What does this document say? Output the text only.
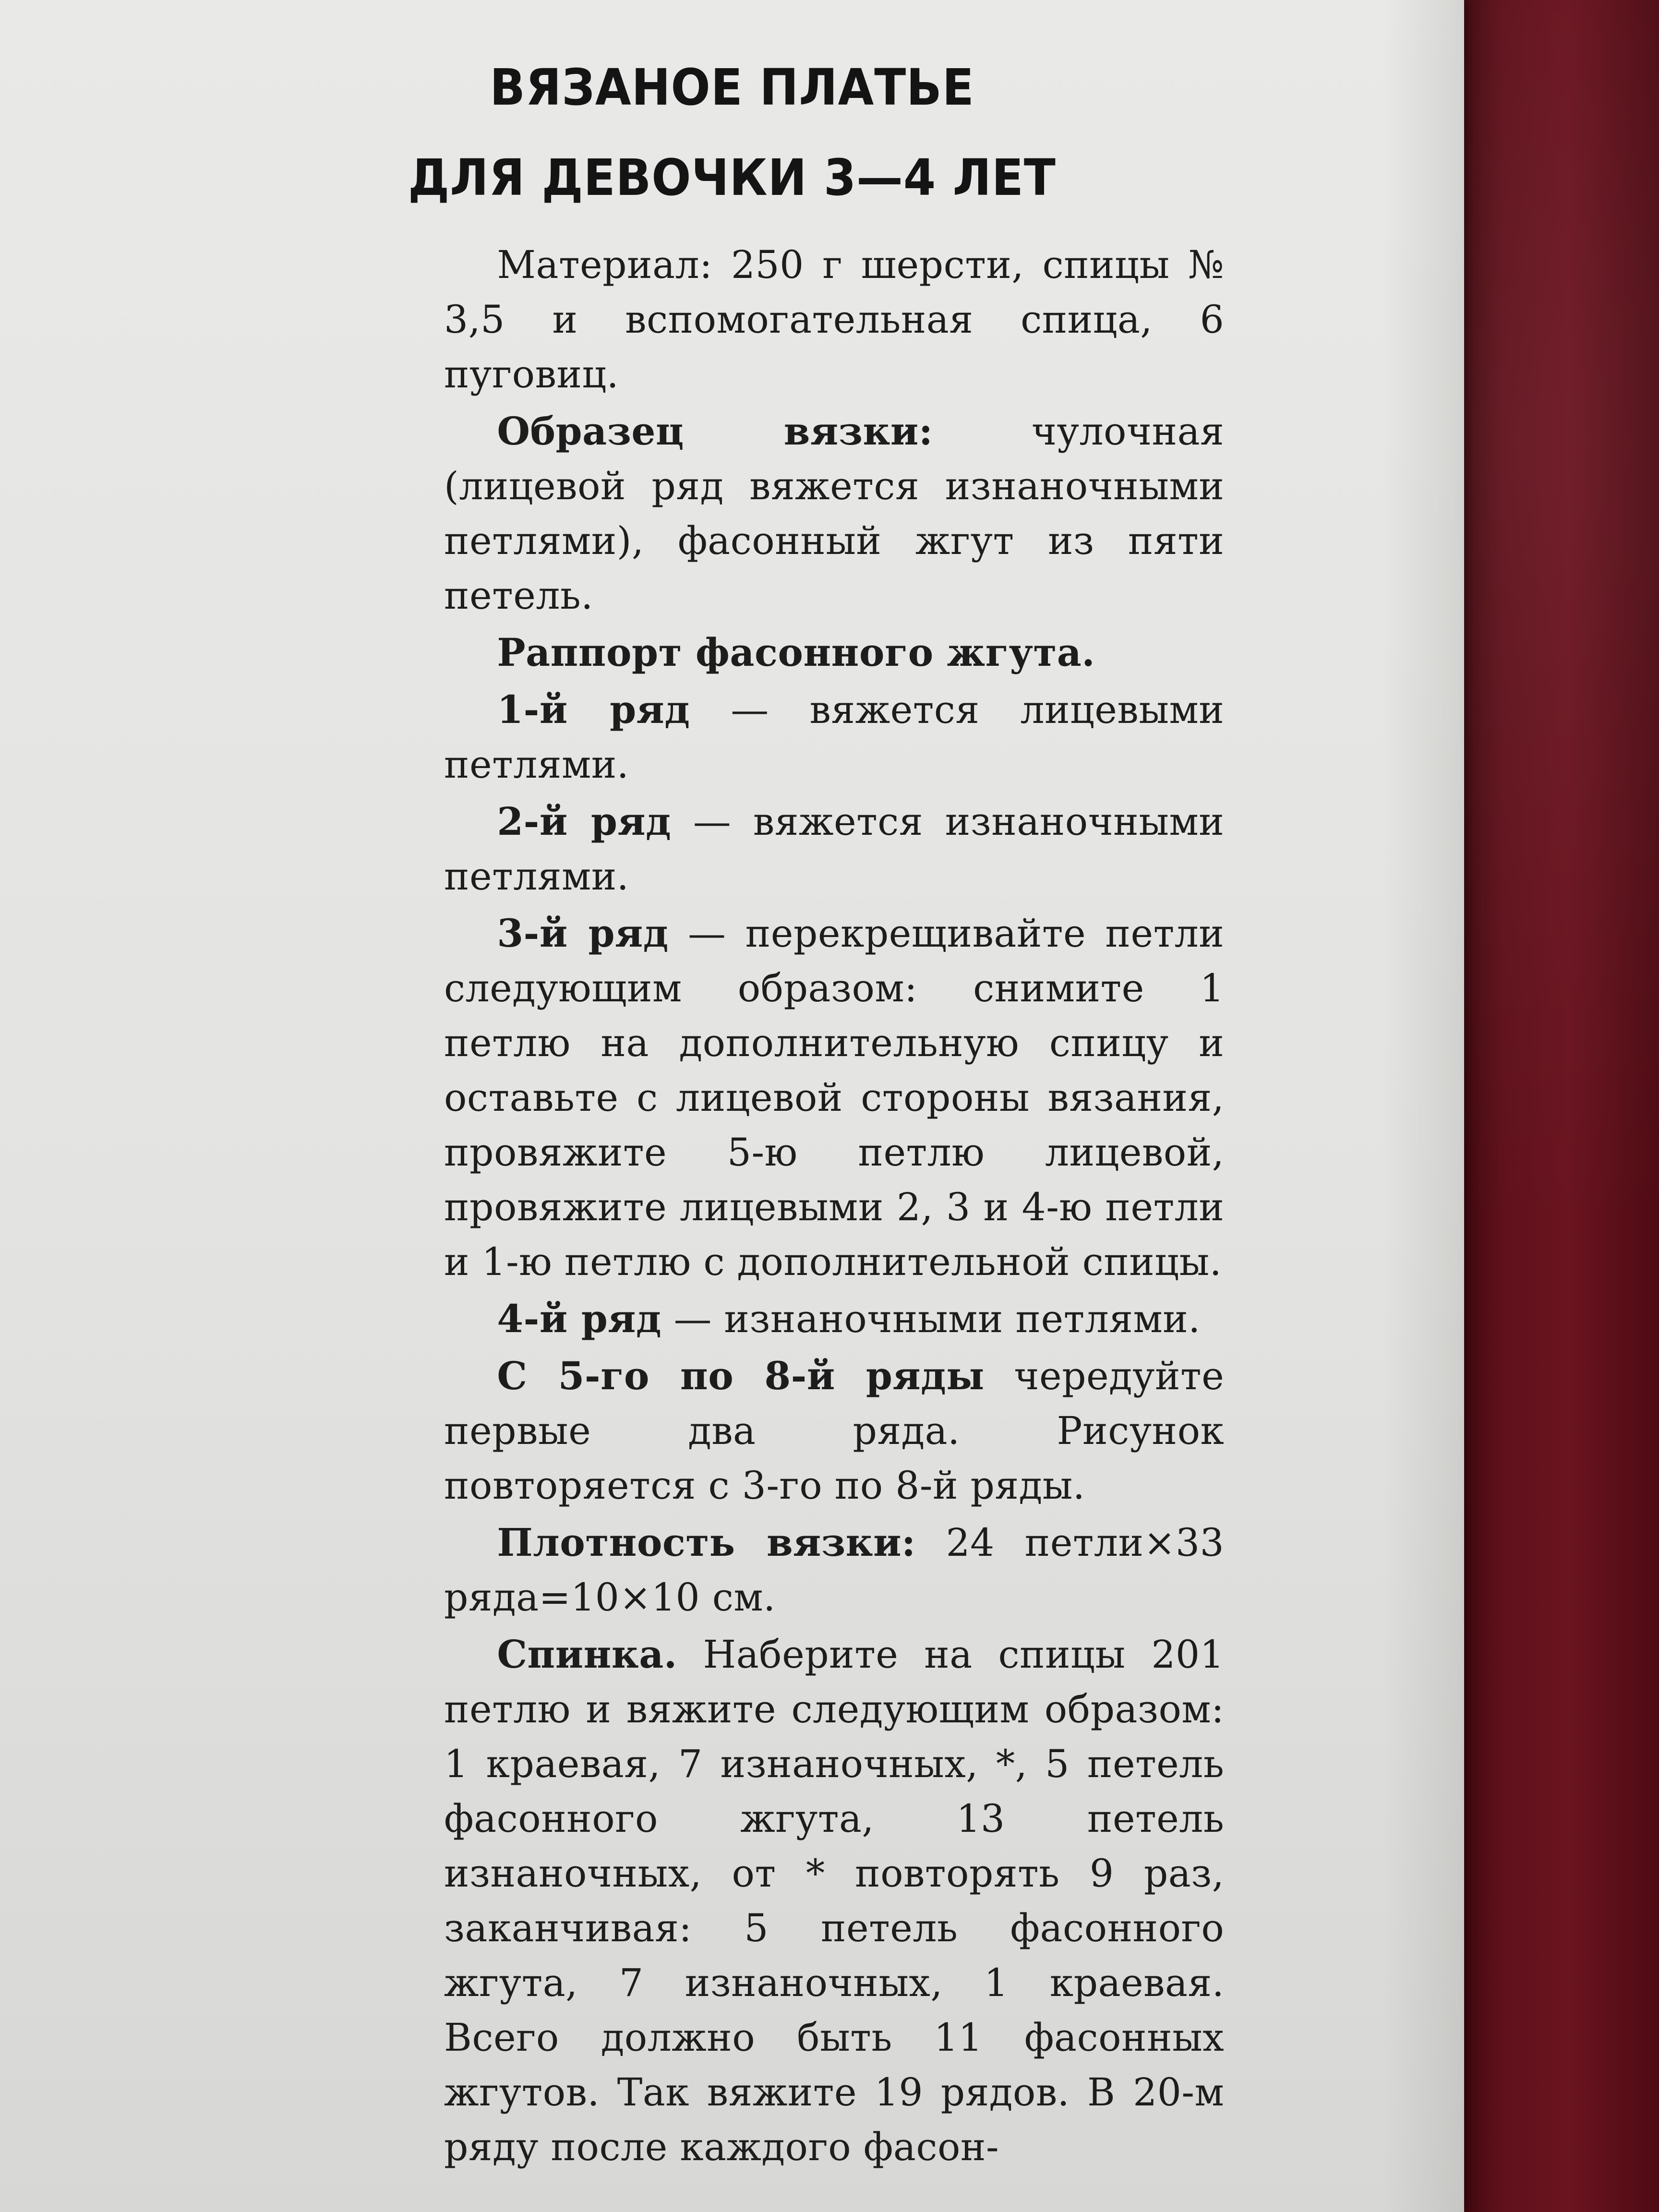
ВЯЗАНОЕ ПЛАТЬЕ
ДЛЯ ДЕВОЧКИ 3—4 ЛЕТ

Материал: 250 г шерсти, спицы № 3,5 и вспомогательная спица, 6 пуговиц.

Образец вязки: чулочная (лицевой ряд вяжется изнаночными петлями), фасонный жгут из пяти петель.

Раппорт фасонного жгута.

1-й ряд — вяжется лицевыми петлями.

2-й ряд — вяжется изнаночными петлями.

3-й ряд — перекрещивайте петли следующим образом: снимите 1 петлю на дополнительную спицу и оставьте с лицевой стороны вязания, провяжите 5-ю петлю лицевой, провяжите лицевыми 2, 3 и 4-ю петли и 1-ю петлю с дополнительной спицы.

4-й ряд — изнаночными петлями.

С 5-го по 8-й ряды чередуйте первые два ряда. Рисунок повторяется с 3-го по 8-й ряды.

Плотность вязки: 24 петли×33 ряда=10×10 см.

Спинка. Наберите на спицы 201 петлю и вяжите следующим образом: 1 краевая, 7 изнаночных, *, 5 петель фасонного жгута, 13 петель изнаночных, от * повторять 9 раз, заканчивая: 5 петель фасонного жгута, 7 изнаночных, 1 краевая. Всего должно быть 11 фасонных жгутов. Так вяжите 19 рядов. В 20-м ряду после каждого фасон-
